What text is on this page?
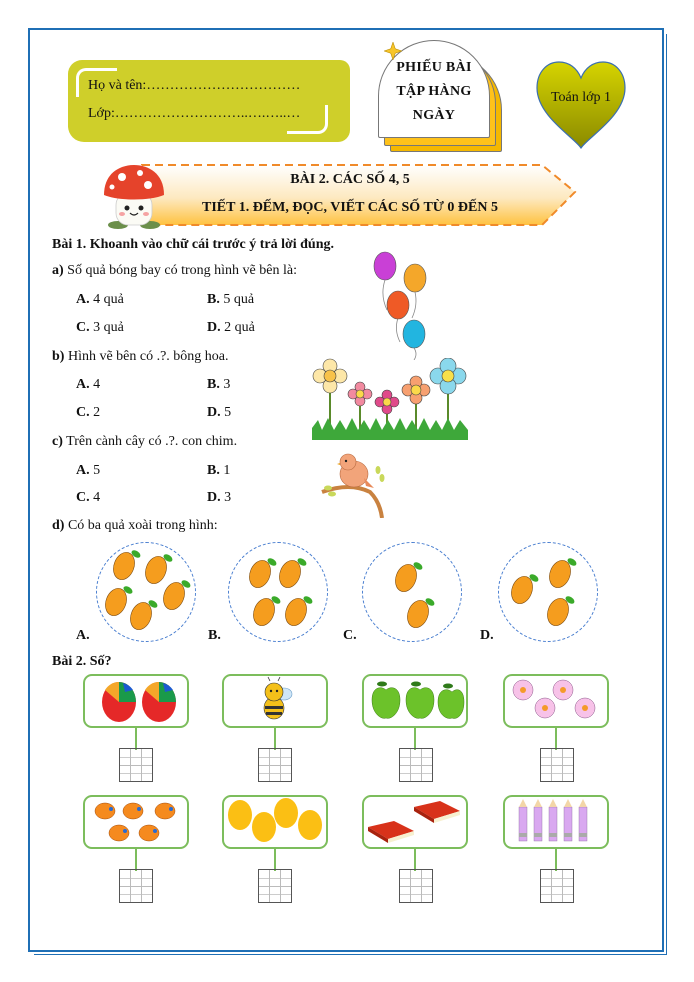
Họ và tên:……………………………
Lớp:………………………..….…..…
PHIẾU BÀI
TẬP HÀNG
NGÀY
Toán lớp 1
BÀI 2. CÁC SỐ 4, 5
TIẾT 1. ĐẾM, ĐỌC, VIẾT CÁC SỐ TỪ 0 ĐẾN 5
Bài 1. Khoanh vào chữ cái trước ý trả lời đúng.
a) Số quả bóng bay có trong hình vẽ bên là:
A. 4 quả	B. 5 quả
C. 3 quả	D. 2 quả
b) Hình vẽ bên có .?. bông hoa.
A. 4	B. 3
C. 2	D. 5
c) Trên cành cây có .?. con chim.
A. 5	B. 1
C. 4	D. 3
d) Có ba quả xoài trong hình:
A.	B.	C.	D.
Bài 2. Số?
